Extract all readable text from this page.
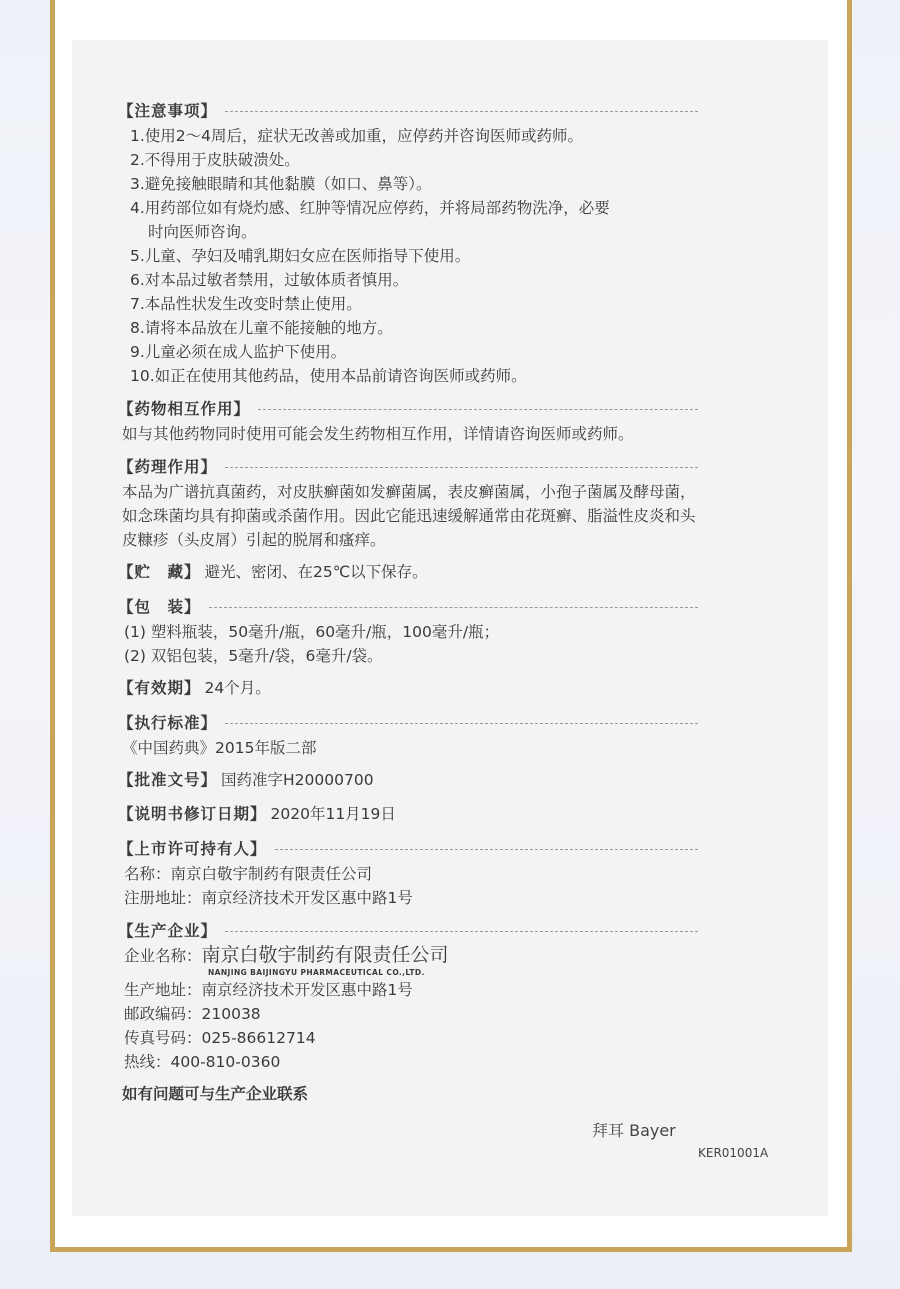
【注意事项】
1.使用2～4周后，症状无改善或加重，应停药并咨询医师或药师。
2.不得用于皮肤破溃处。
3.避免接触眼睛和其他黏膜（如口、鼻等）。
4.用药部位如有烧灼感、红肿等情况应停药，并将局部药物洗净，必要
时向医师咨询。
5.儿童、孕妇及哺乳期妇女应在医师指导下使用。
6.对本品过敏者禁用，过敏体质者慎用。
7.本品性状发生改变时禁止使用。
8.请将本品放在儿童不能接触的地方。
9.儿童必须在成人监护下使用。
10.如正在使用其他药品，使用本品前请咨询医师或药师。
【药物相互作用】
如与其他药物同时使用可能会发生药物相互作用，详情请咨询医师或药师。
【药理作用】
本品为广谱抗真菌药，对皮肤癣菌如发癣菌属，表皮癣菌属，小孢子菌属及酵母菌，如念珠菌均具有抑菌或杀菌作用。因此它能迅速缓解通常由花斑癣、脂溢性皮炎和头皮糠疹（头皮屑）引起的脱屑和瘙痒。
【贮　藏】 避光、密闭、在25℃以下保存。
【包　装】
(1) 塑料瓶装，50毫升/瓶，60毫升/瓶，100毫升/瓶；
(2) 双铝包装，5毫升/袋，6毫升/袋。
【有效期】 24个月。
【执行标准】
《中国药典》2015年版二部
【批准文号】 国药准字H20000700
【说明书修订日期】 2020年11月19日
【上市许可持有人】
名称：南京白敬宇制药有限责任公司
注册地址：南京经济技术开发区惠中路1号
【生产企业】
企业名称：南京白敬宇制药有限责任公司
NANJING BAIJINGYU PHARMACEUTICAL CO.,LTD.
生产地址：南京经济技术开发区惠中路1号
邮政编码：210038
传真号码：025-86612714
热线：400-810-0360
如有问题可与生产企业联系
拜耳 Bayer
KER01001A
